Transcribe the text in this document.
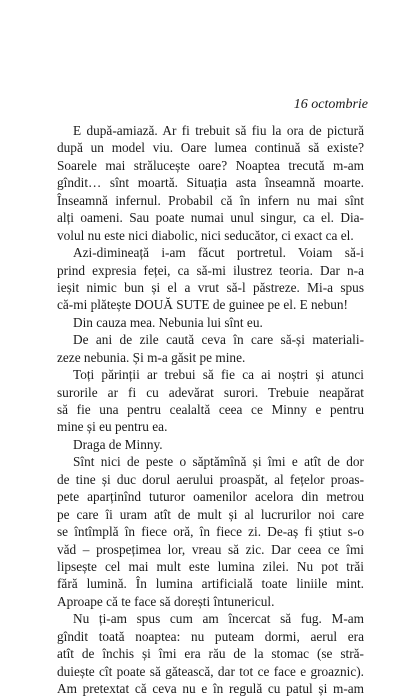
16 octombrie
E după-amiază. Ar fi trebuit să fiu la ora de pictură
după un model viu. Oare lumea continuă să existe?
Soarele mai strălucește oare? Noaptea trecută m-am
gîndit… sînt moartă. Situația asta înseamnă moarte.
Înseamnă infernul. Probabil că în infern nu mai sînt
alți oameni. Sau poate numai unul singur, ca el. Dia-
volul nu este nici diabolic, nici seducător, ci exact ca el.
Azi-dimineață i-am făcut portretul. Voiam să-i
prind expresia feței, ca să-mi ilustrez teoria. Dar n-a
ieșit nimic bun și el a vrut să-l păstreze. Mi-a spus
că-mi plătește DOUĂ SUTE de guinee pe el. E nebun!
Din cauza mea. Nebunia lui sînt eu.
De ani de zile caută ceva în care să-și materiali-
zeze nebunia. Și m-a găsit pe mine.
Toți părinții ar trebui să fie ca ai noștri și atunci
surorile ar fi cu adevărat surori. Trebuie neapărat
să fie una pentru cealaltă ceea ce Minny e pentru
mine și eu pentru ea.
Draga de Minny.
Sînt nici de peste o săptămînă și îmi e atît de dor
de tine și duc dorul aerului proaspăt, al fețelor proas-
pete aparținînd tuturor oamenilor acelora din metrou
pe care îi uram atît de mult și al lucrurilor noi care
se întîmplă în fiece oră, în fiece zi. De-aș fi știut s-o
văd – prospețimea lor, vreau să zic. Dar ceea ce îmi
lipsește cel mai mult este lumina zilei. Nu pot trăi
fără lumină. În lumina artificială toate liniile mint.
Aproape că te face să dorești întunericul.
Nu ți-am spus cum am încercat să fug. M-am
gîndit toată noaptea: nu puteam dormi, aerul era
atît de închis și îmi era rău de la stomac (se stră-
duiește cît poate să gătească, dar tot ce face e groaznic).
Am pretextat că ceva nu e în regulă cu patul și m-am
